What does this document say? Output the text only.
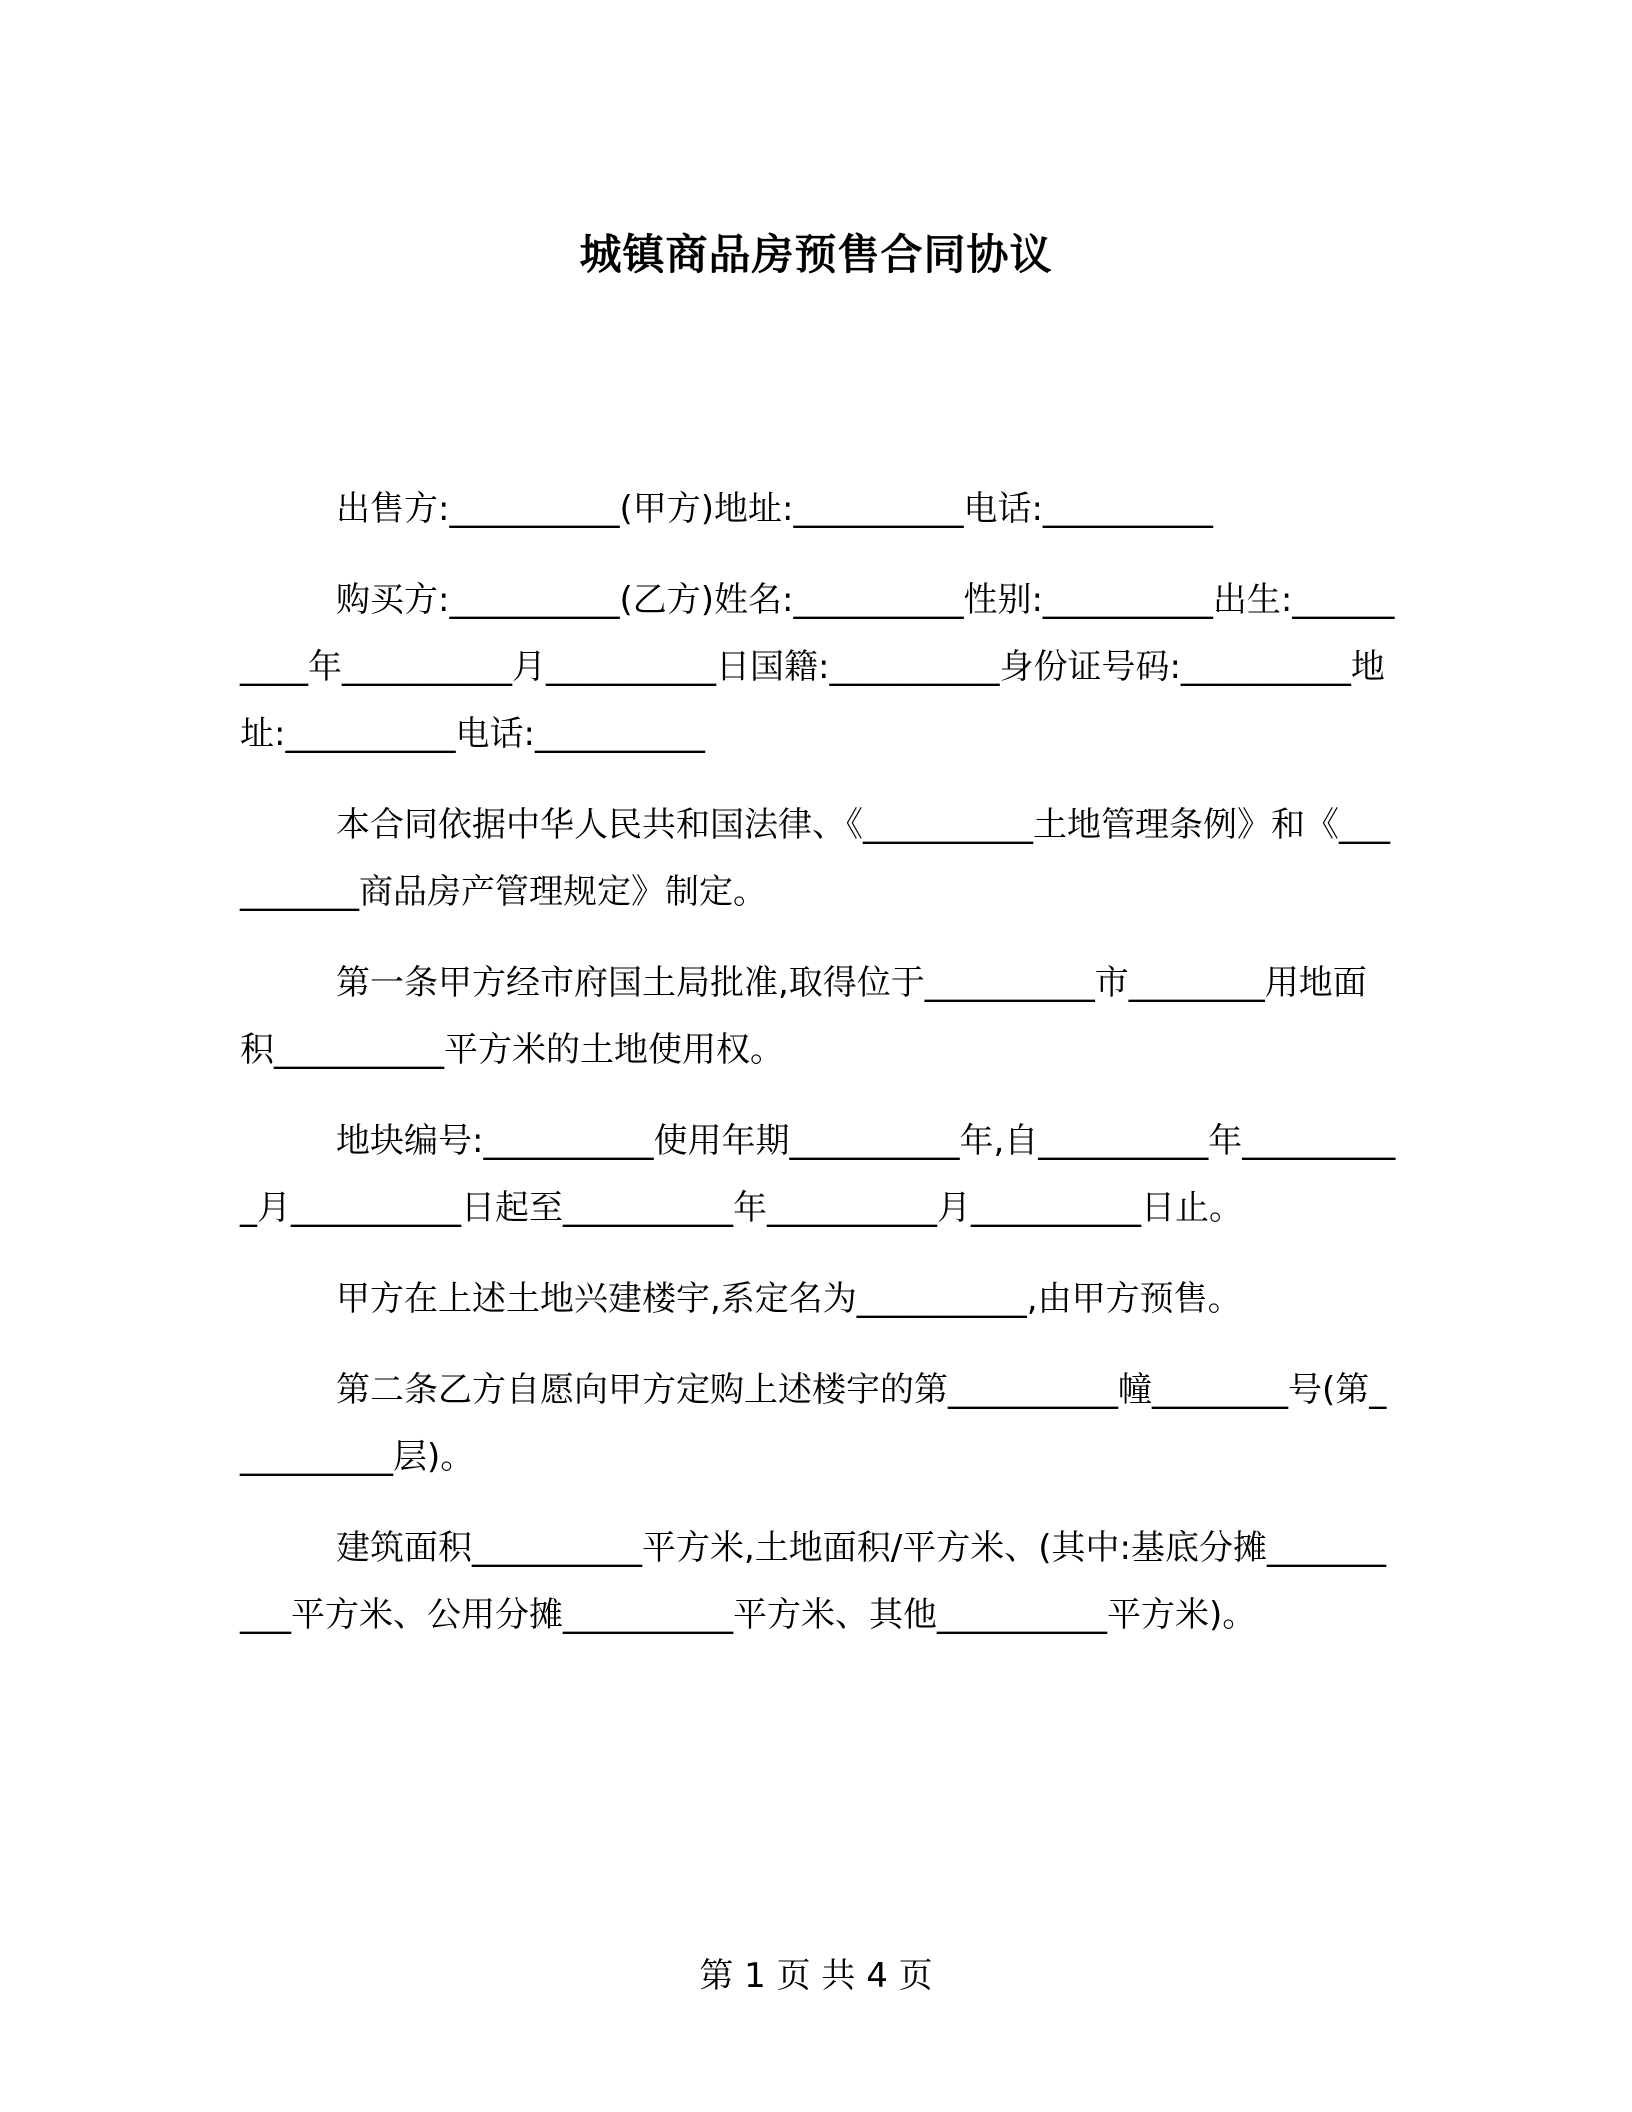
城镇商品房预售合同协议

出售方:__________(甲方)地址:__________电话:__________

购买方:__________(乙方)姓名:__________性别:__________出生:__________年__________月__________日国籍:__________身份证号码:__________地址:__________电话:__________

本合同依据中华人民共和国法律、《__________土地管理条例》和《__________商品房产管理规定》制定。

第一条甲方经市府国土局批准,取得位于__________市________用地面积__________平方米的土地使用权。

地块编号:__________使用年期__________年,自__________年__________月__________日起至__________年__________月__________日止。

甲方在上述土地兴建楼宇,系定名为__________,由甲方预售。

第二条乙方自愿向甲方定购上述楼宇的第__________幢________号(第__________层)。

建筑面积__________平方米,土地面积/平方米、(其中:基底分摊__________平方米、公用分摊__________平方米、其他__________平方米)。

第 1 页 共 4 页
